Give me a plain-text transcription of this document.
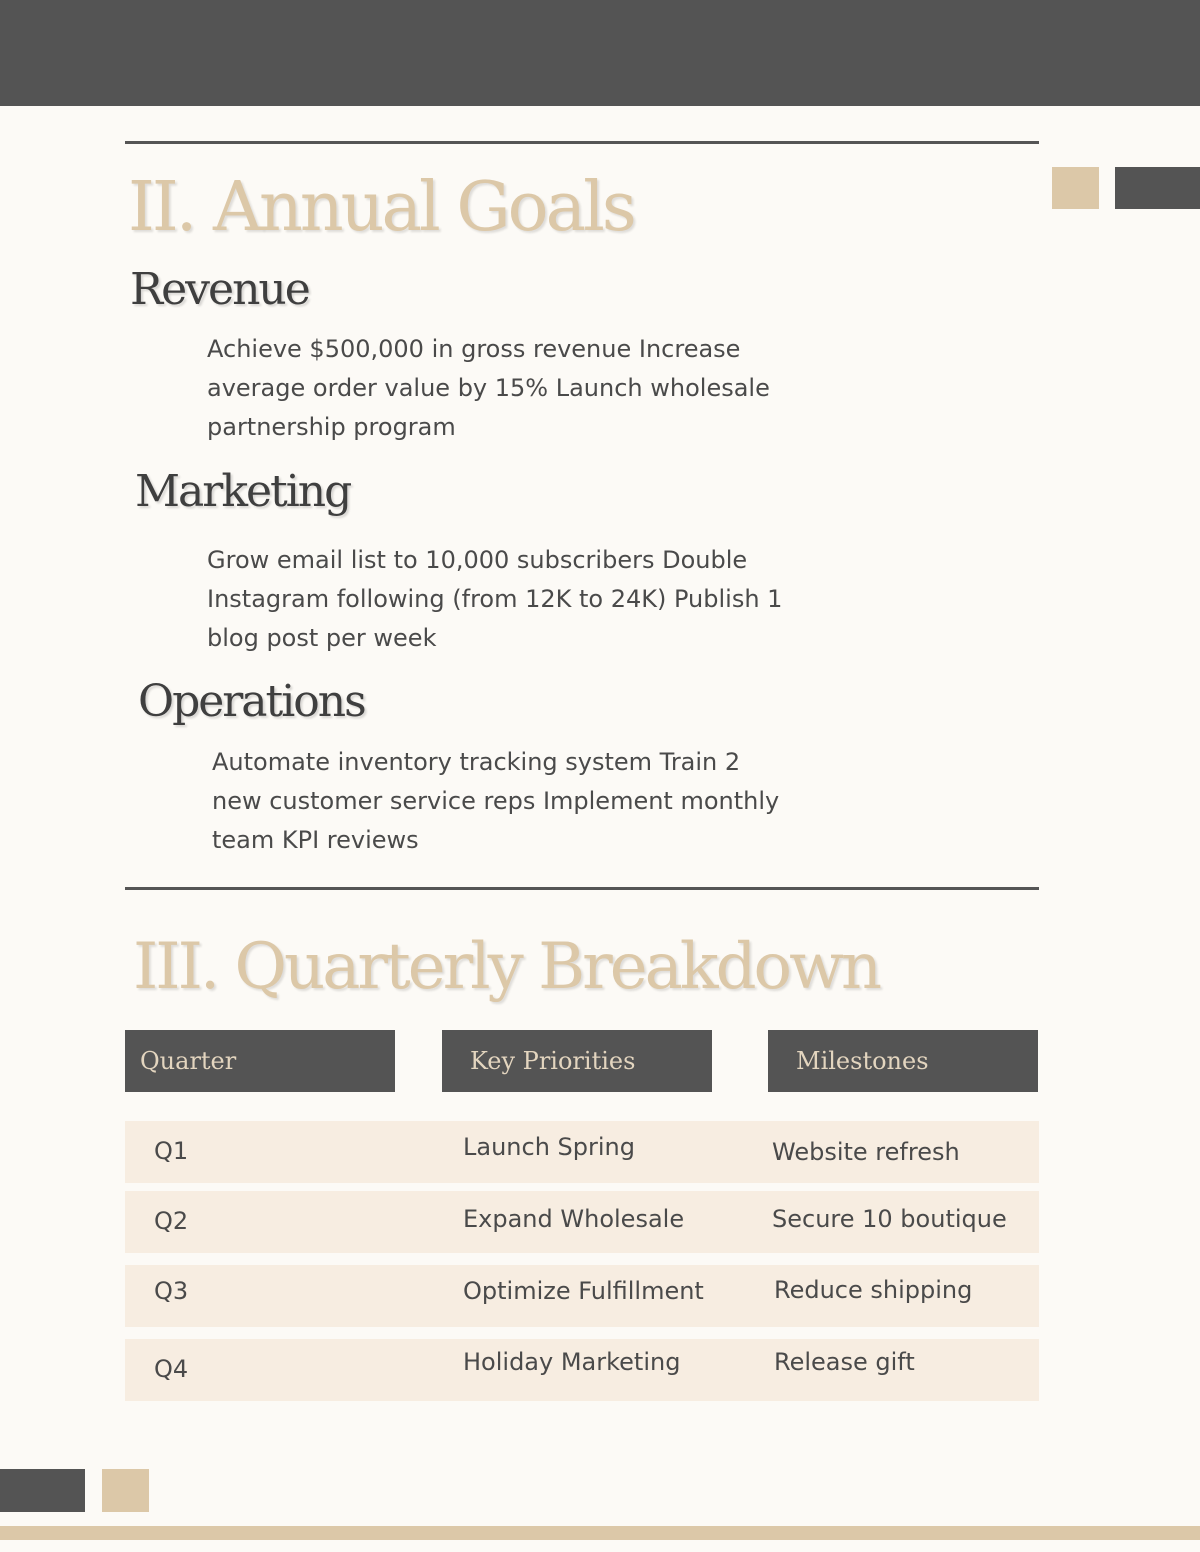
II. Annual Goals
Revenue

Achieve $500,000 in gross revenue Increase
average order value by 15% Launch wholesale
partnership program

Marketing

Grow email list to 10,000 subscribers Double
Instagram following (from 12K to 24K) Publish 1
blog post per week

Operations

Automate inventory tracking system Train 2
new customer service reps Implement monthly
team KPI reviews

III. Quarterly Breakdown
Quarter	Key Priorities	Milestones
Q1	Launch Spring	Website refresh
Q2	Expand Wholesale	Secure 10 boutique
Q3	Optimize Fulfillment	Reduce shipping
Q4	Holiday Marketing	Release gift
